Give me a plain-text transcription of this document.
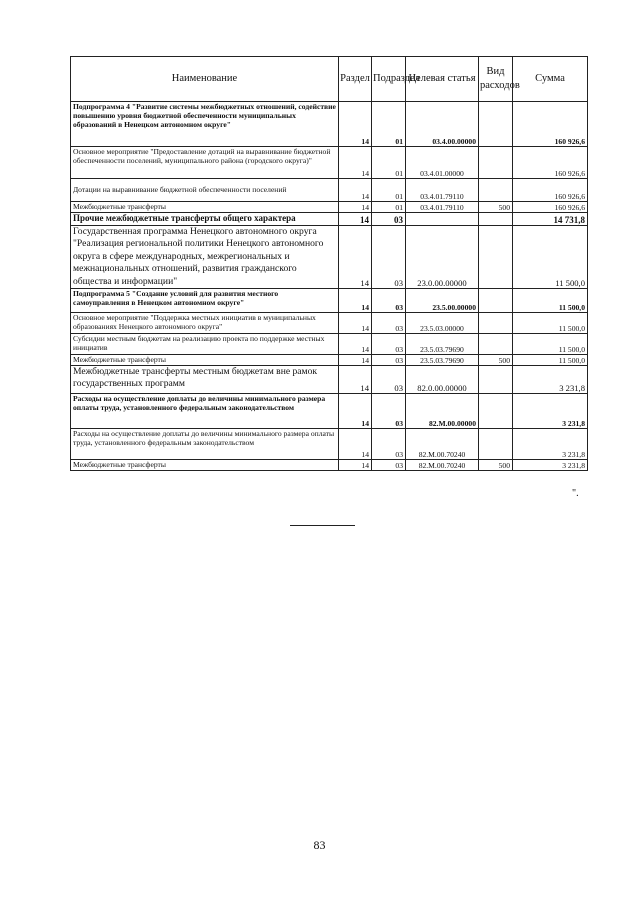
Наименование	Раздел	Подраздел	Целевая статья	Вид расходов	Сумма
Подпрограмма 4 "Развитие системы межбюджетных отношений, содействие повышению уровня бюджетной обеспеченности муниципальных образований в Ненецком автономном округе"	14	01	03.4.00.00000		160 926,6
Основное мероприятие "Предоставление дотаций на выравнивание бюджетной обеспеченности поселений, муниципального района (городского округа)"	14	01	03.4.01.00000		160 926,6
Дотации на выравнивание бюджетной обеспеченности поселений	14	01	03.4.01.79110		160 926,6
Межбюджетные трансферты	14	01	03.4.01.79110	500	160 926,6
Прочие межбюджетные трансферты общего характера	14	03			14 731,8
Государственная программа Ненецкого автономного округа "Реализация региональной политики Ненецкого автономного округа в сфере международных, межрегиональных и межнациональных отношений, развития гражданского общества и информации"	14	03	23.0.00.00000		11 500,0
Подпрограмма 5 "Создание условий для развития местного самоуправления в Ненецком автономном округе"	14	03	23.5.00.00000		11 500,0
Основное мероприятие "Поддержка местных инициатив в муниципальных образованиях Ненецкого автономного округа"	14	03	23.5.03.00000		11 500,0
Субсидии местным бюджетам на реализацию проекта по поддержке местных инициатив	14	03	23.5.03.79690		11 500,0
Межбюджетные трансферты	14	03	23.5.03.79690	500	11 500,0
Межбюджетные трансферты местным бюджетам вне рамок государственных программ	14	03	82.0.00.00000		3 231,8
Расходы на осуществление доплаты до величины минимального размера оплаты труда, установленного федеральным законодательством	14	03	82.М.00.00000		3 231,8
Расходы на осуществление доплаты до величины минимального размера оплаты труда, установленного федеральным законодательством	14	03	82.М.00.70240		3 231,8
Межбюджетные трансферты	14	03	82.М.00.70240	500	3 231,8
".
83
